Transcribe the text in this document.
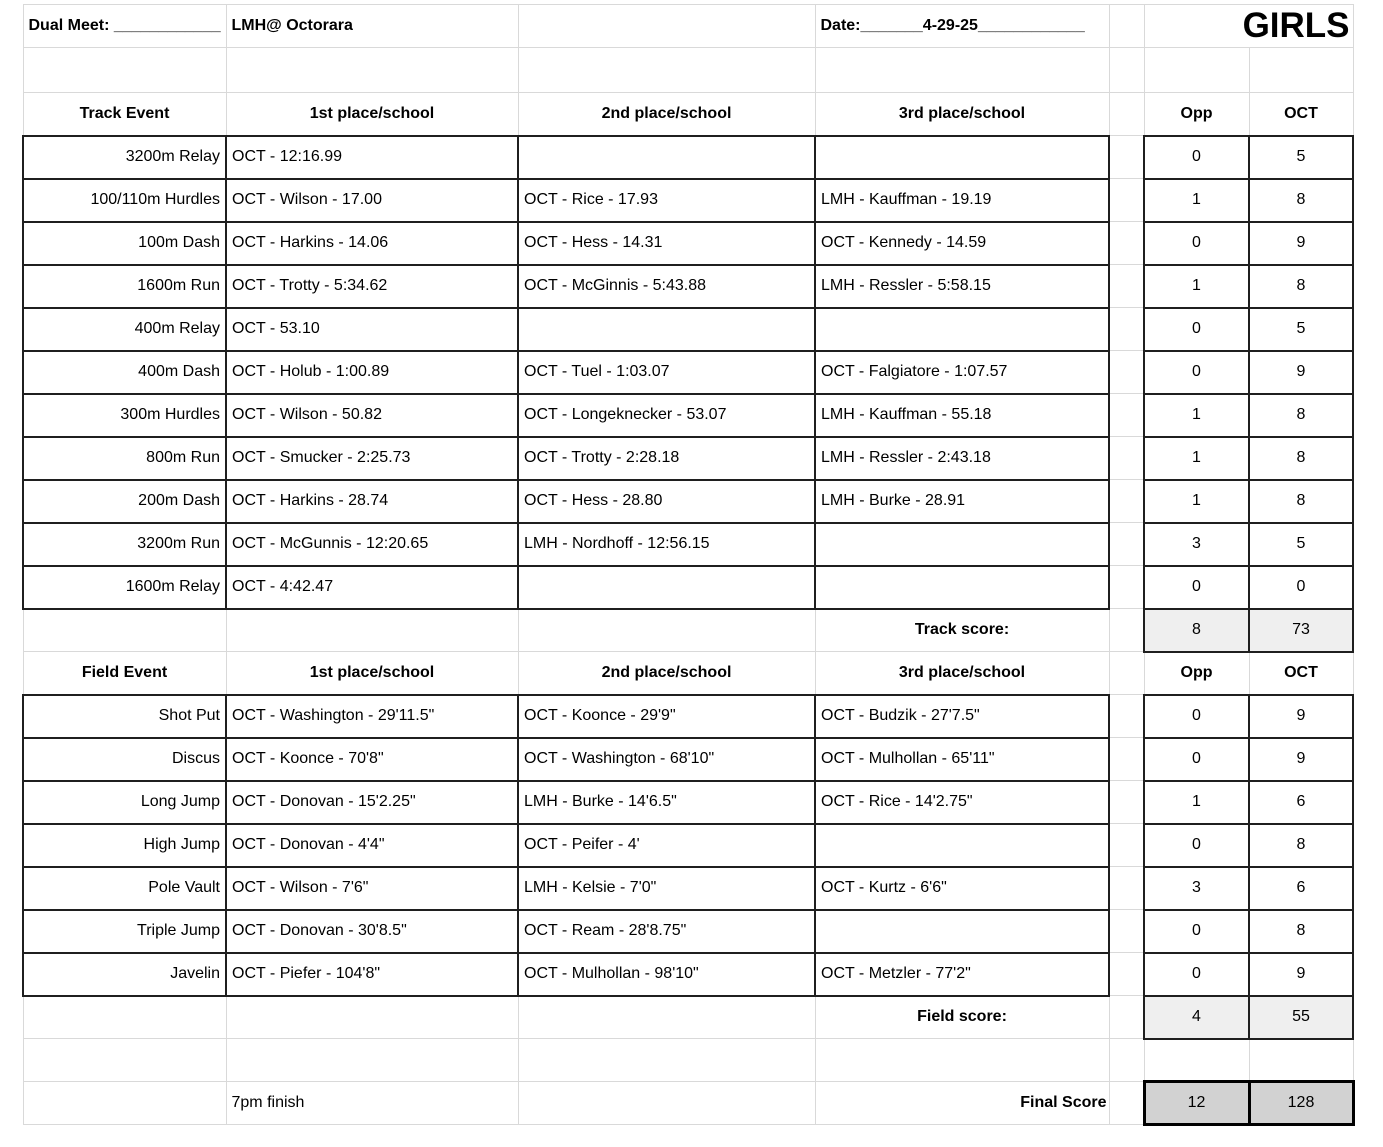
Dual Meet: ____________	LMH@ Octorara		Date:_______4-29-25____________		GIRLS	

Track Event	1st place/school	2nd place/school	3rd place/school		Opp	OCT
3200m Relay	OCT - 12:16.99				0	5
100/110m Hurdles	OCT - Wilson - 17.00	OCT - Rice - 17.93	LMH - Kauffman - 19.19		1	8
100m Dash	OCT - Harkins - 14.06	OCT - Hess - 14.31	OCT - Kennedy - 14.59		0	9
1600m Run	OCT - Trotty - 5:34.62	OCT - McGinnis - 5:43.88	LMH - Ressler - 5:58.15		1	8
400m Relay	OCT - 53.10				0	5
400m Dash	OCT - Holub - 1:00.89	OCT - Tuel - 1:03.07	OCT - Falgiatore - 1:07.57		0	9
300m Hurdles	OCT - Wilson - 50.82	OCT - Longeknecker - 53.07	LMH - Kauffman - 55.18		1	8
800m Run	OCT - Smucker - 2:25.73	OCT - Trotty - 2:28.18	LMH - Ressler - 2:43.18		1	8
200m Dash	OCT - Harkins - 28.74	OCT - Hess - 28.80	LMH - Burke - 28.91		1	8
3200m Run	OCT - McGunnis - 12:20.65	LMH - Nordhoff - 12:56.15			3	5
1600m Relay	OCT - 4:42.47				0	0
			Track score:		8	73
Field Event	1st place/school	2nd place/school	3rd place/school		Opp	OCT
Shot Put	OCT - Washington - 29'11.5"	OCT - Koonce - 29'9"	OCT - Budzik - 27'7.5"		0	9
Discus	OCT - Koonce - 70'8"	OCT - Washington - 68'10"	OCT - Mulhollan - 65'11"		0	9
Long Jump	OCT - Donovan - 15'2.25"	LMH - Burke - 14'6.5"	OCT - Rice - 14'2.75"		1	6
High Jump	OCT - Donovan - 4'4"	OCT - Peifer - 4'			0	8
Pole Vault	OCT - Wilson - 7'6"	LMH - Kelsie - 7'0"	OCT - Kurtz - 6'6"		3	6
Triple Jump	OCT - Donovan - 30'8.5"	OCT - Ream - 28'8.75"			0	8
Javelin	OCT - Piefer - 104'8"	OCT - Mulhollan - 98'10"	OCT - Metzler - 77'2"		0	9
			Field score:		4	55

	7pm finish		Final Score		12	128
